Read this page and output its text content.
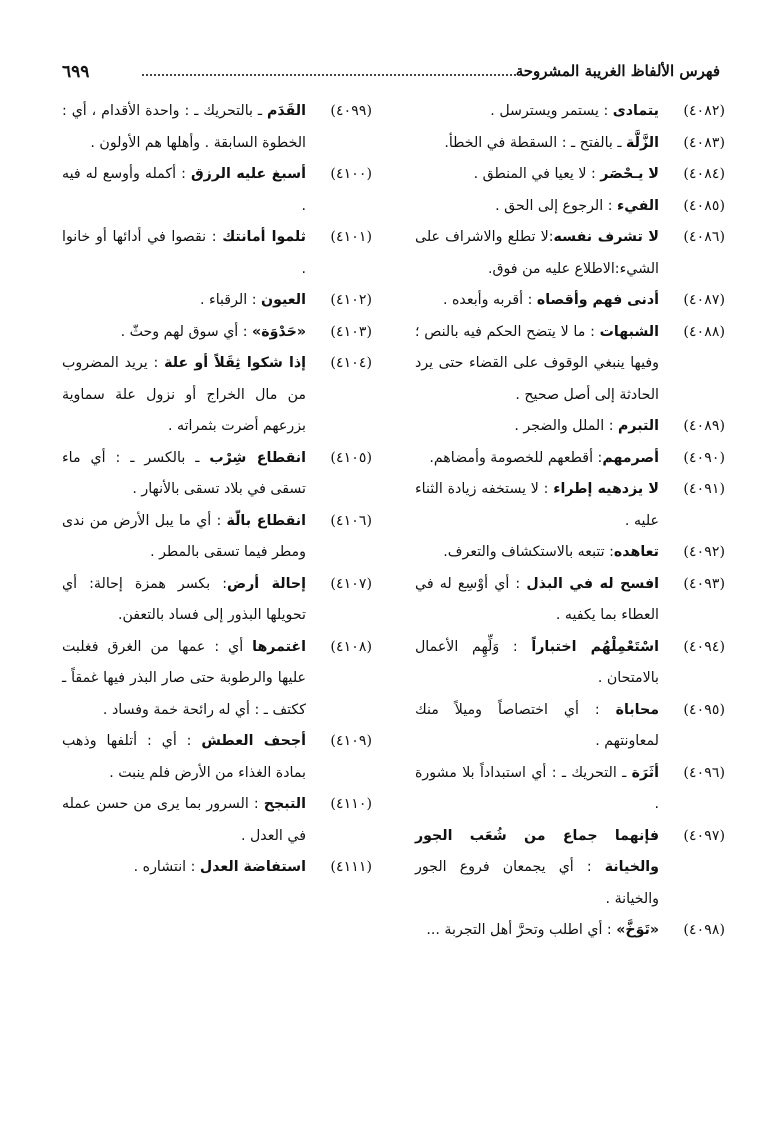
فهرس الألفاظ الغريبة المشروحة
٦٩٩
(٤٠٨٢)
يتمادى : يستمر ويسترسل .
(٤٠٨٣)
الزَّلَّة ـ بالفتح ـ : السقطة في الخطأ.
(٤٠٨٤)
لا يـحْصَر : لا يعيا في المنطق .
(٤٠٨٥)
الفيء : الرجوع إلى الحق .
(٤٠٨٦)
لا تشرف نفسه:لا تطلع والاشراف على الشيء:الاطلاع عليه من فوق.
(٤٠٨٧)
أدنى فهم وأقصاه : أقربه وأبعده .
(٤٠٨٨)
الشبهات : ما لا يتضح الحكم فيه بالنص ؛ وفيها ينبغي الوقوف على القضاء حتى يرد الحادثة إلى أصل صحيح .
(٤٠٨٩)
التبرم : الملل والضجر .
(٤٠٩٠)
أصرمهم: أقطعهم للخصومة وأمضاهم.
(٤٠٩١)
لا يزدهيه إطراء : لا يستخفه زيادة الثناء عليه .
(٤٠٩٢)
تعاهده: تتبعه بالاستكشاف والتعرف.
(٤٠٩٣)
افسح له في البذل : أي أوْسِع له في العطاء بما يكفيه .
(٤٠٩٤)
اسْتَعْمِلْهُم اختباراً : وَلِّهِم الأعمال بالامتحان .
(٤٠٩٥)
محاباة : أي اختصاصاً وميلاً منك لمعاونتهم .
(٤٠٩٦)
أثَرَة ـ التحريك ـ : أي استبداداً بلا مشورة .
(٤٠٩٧)
فإنهما جماع من شُعَب الجور والخيانة : أي يجمعان فروع الجور والخيانة .
(٤٠٩٨)
«تَوَخَّ» : أي اطلب وتحرَّ أهل التجربة ...
(٤٠٩٩)
القَدَم ـ بالتحريك ـ : واحدة الأقدام ، أي : الخطوة السابقة . وأهلها هم الأولون .
(٤١٠٠)
أسبغ عليه الرزق : أكمله وأوسع له فيه .
(٤١٠١)
ثلموا أمانتك : نقصوا في أدائها أو خانوا .
(٤١٠٢)
العيون : الرقباء .
(٤١٠٣)
«حَدْوَة» : أي سوق لهم وحثّ .
(٤١٠٤)
إذا شكوا ثِقَلاً أو علة : يريد المضروب من مال الخراج أو نزول علة سماوية بزرعهم أضرت بثمراته .
(٤١٠٥)
انقطاع شِرْب ـ بالكسر ـ : أي ماء تسقى في بلاد تسقى بالأنهار .
(٤١٠٦)
انقطاع بالّة : أي ما يبل الأرض من ندى ومطر فيما تسقى بالمطر .
(٤١٠٧)
إحالة أرض: بكسر همزة إحالة: أي تحويلها البذور إلى فساد بالتعفن.
(٤١٠٨)
اغتمرها أي : عمها من الغرق فغلبت عليها والرطوبة حتى صار البذر فيها غمقاً ـ ككتف ـ : أي له رائحة خمة وفساد .
(٤١٠٩)
أجحف العطش : أي : أتلفها وذهب بمادة الغذاء من الأرض فلم ينبت .
(٤١١٠)
التبجح : السرور بما يرى من حسن عمله في العدل .
(٤١١١)
استفاضة العدل : انتشاره .
